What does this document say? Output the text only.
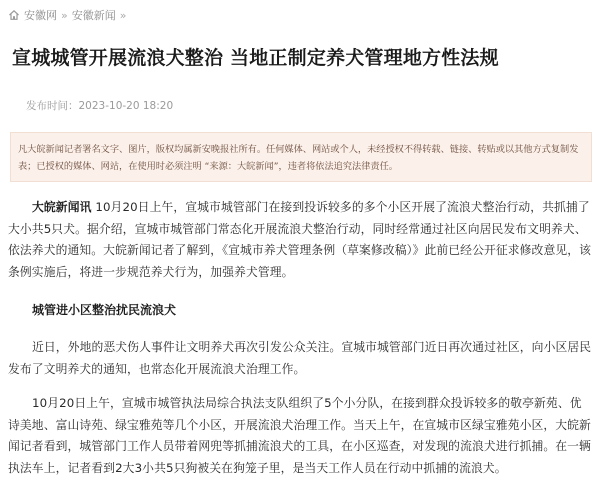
安徽网 » 安徽新闻 »
宣城城管开展流浪犬整治 当地正制定养犬管理地方性法规
发布时间：2023-10-20 18:20
凡大皖新闻记者署名文字、图片，版权均属新安晚报社所有。任何媒体、网站或个人，未经授权不得转载、链接、转贴或以其他方式复制发表；已授权的媒体、网站，在使用时必须注明 “来源：大皖新闻”，违者将依法追究法律责任。

大皖新闻讯 10月20日上午，宣城市城管部门在接到投诉较多的多个小区开展了流浪犬整治行动，共抓捕了大小共5只犬。据介绍，宣城市城管部门常态化开展流浪犬整治行动，同时经常通过社区向居民发布文明养犬、依法养犬的通知。大皖新闻记者了解到，《宣城市养犬管理条例（草案修改稿）》此前已经公开征求修改意见，该条例实施后，将进一步规范养犬行为，加强养犬管理。

城管进小区整治扰民流浪犬

近日，外地的恶犬伤人事件让文明养犬再次引发公众关注。宣城市城管部门近日再次通过社区，向小区居民发布了文明养犬的通知，也常态化开展流浪犬治理工作。

10月20日上午，宣城市城管执法局综合执法支队组织了5个小分队，在接到群众投诉较多的敬亭新苑、优诗美地、富山诗苑、绿宝雅苑等几个小区，开展流浪犬治理工作。当天上午，在宣城市区绿宝雅苑小区，大皖新闻记者看到，城管部门工作人员带着网兜等抓捕流浪犬的工具，在小区巡查，对发现的流浪犬进行抓捕。在一辆执法车上，记者看到2大3小共5只狗被关在狗笼子里，是当天工作人员在行动中抓捕的流浪犬。
